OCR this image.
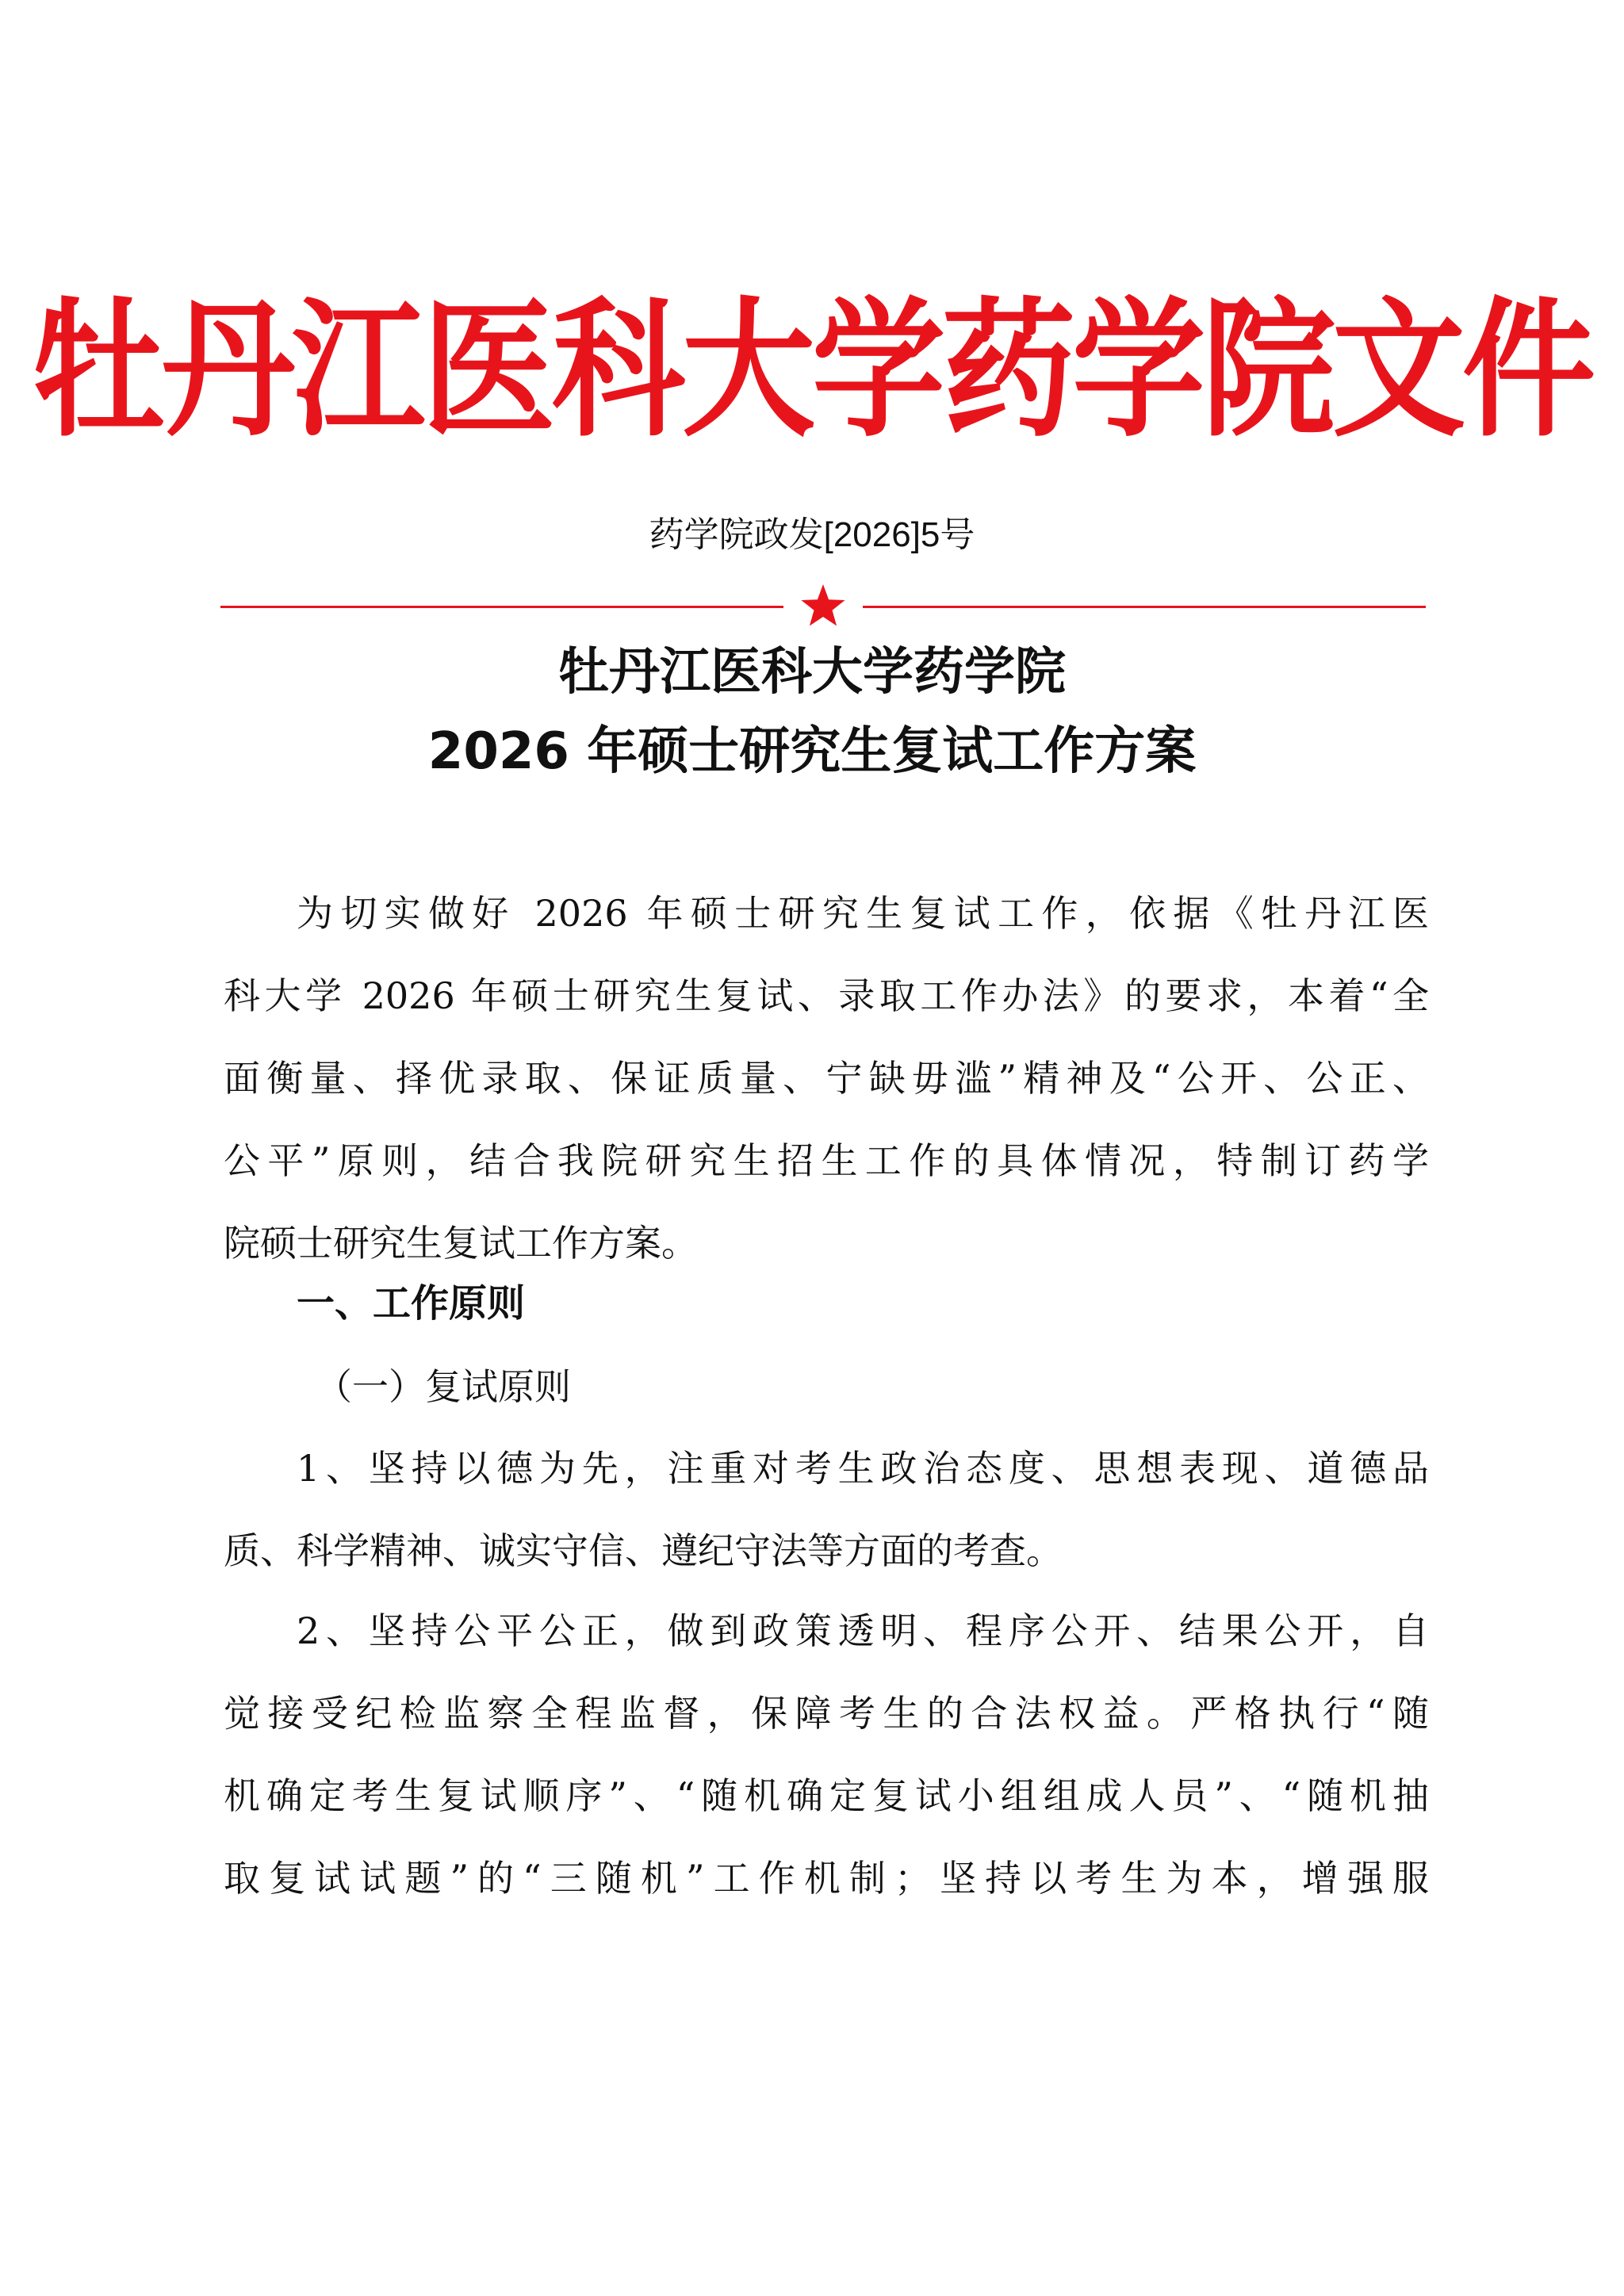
牡丹江医科大学药学院文件
药学院政发[2026]5号
牡丹江医科大学药学院
2026 年硕士研究生复试工作方案
为切实做好 2026 年硕士研究生复试工作，依据《牡丹江医
科大学 2026 年硕士研究生复试、录取工作办法》的要求，本着“全
面衡量、择优录取、保证质量、宁缺毋滥”精神及“公开、公正、
公平”原则，结合我院研究生招生工作的具体情况，特制订药学
院硕士研究生复试工作方案。
一、工作原则
（一）复试原则
1、坚持以德为先，注重对考生政治态度、思想表现、道德品
质、科学精神、诚实守信、遵纪守法等方面的考查。
2、坚持公平公正，做到政策透明、程序公开、结果公开，自
觉接受纪检监察全程监督，保障考生的合法权益。严格执行“随
机确定考生复试顺序”、“随机确定复试小组组成人员”、“随机抽
取复试试题”的“三随机”工作机制；坚持以考生为本，增强服
